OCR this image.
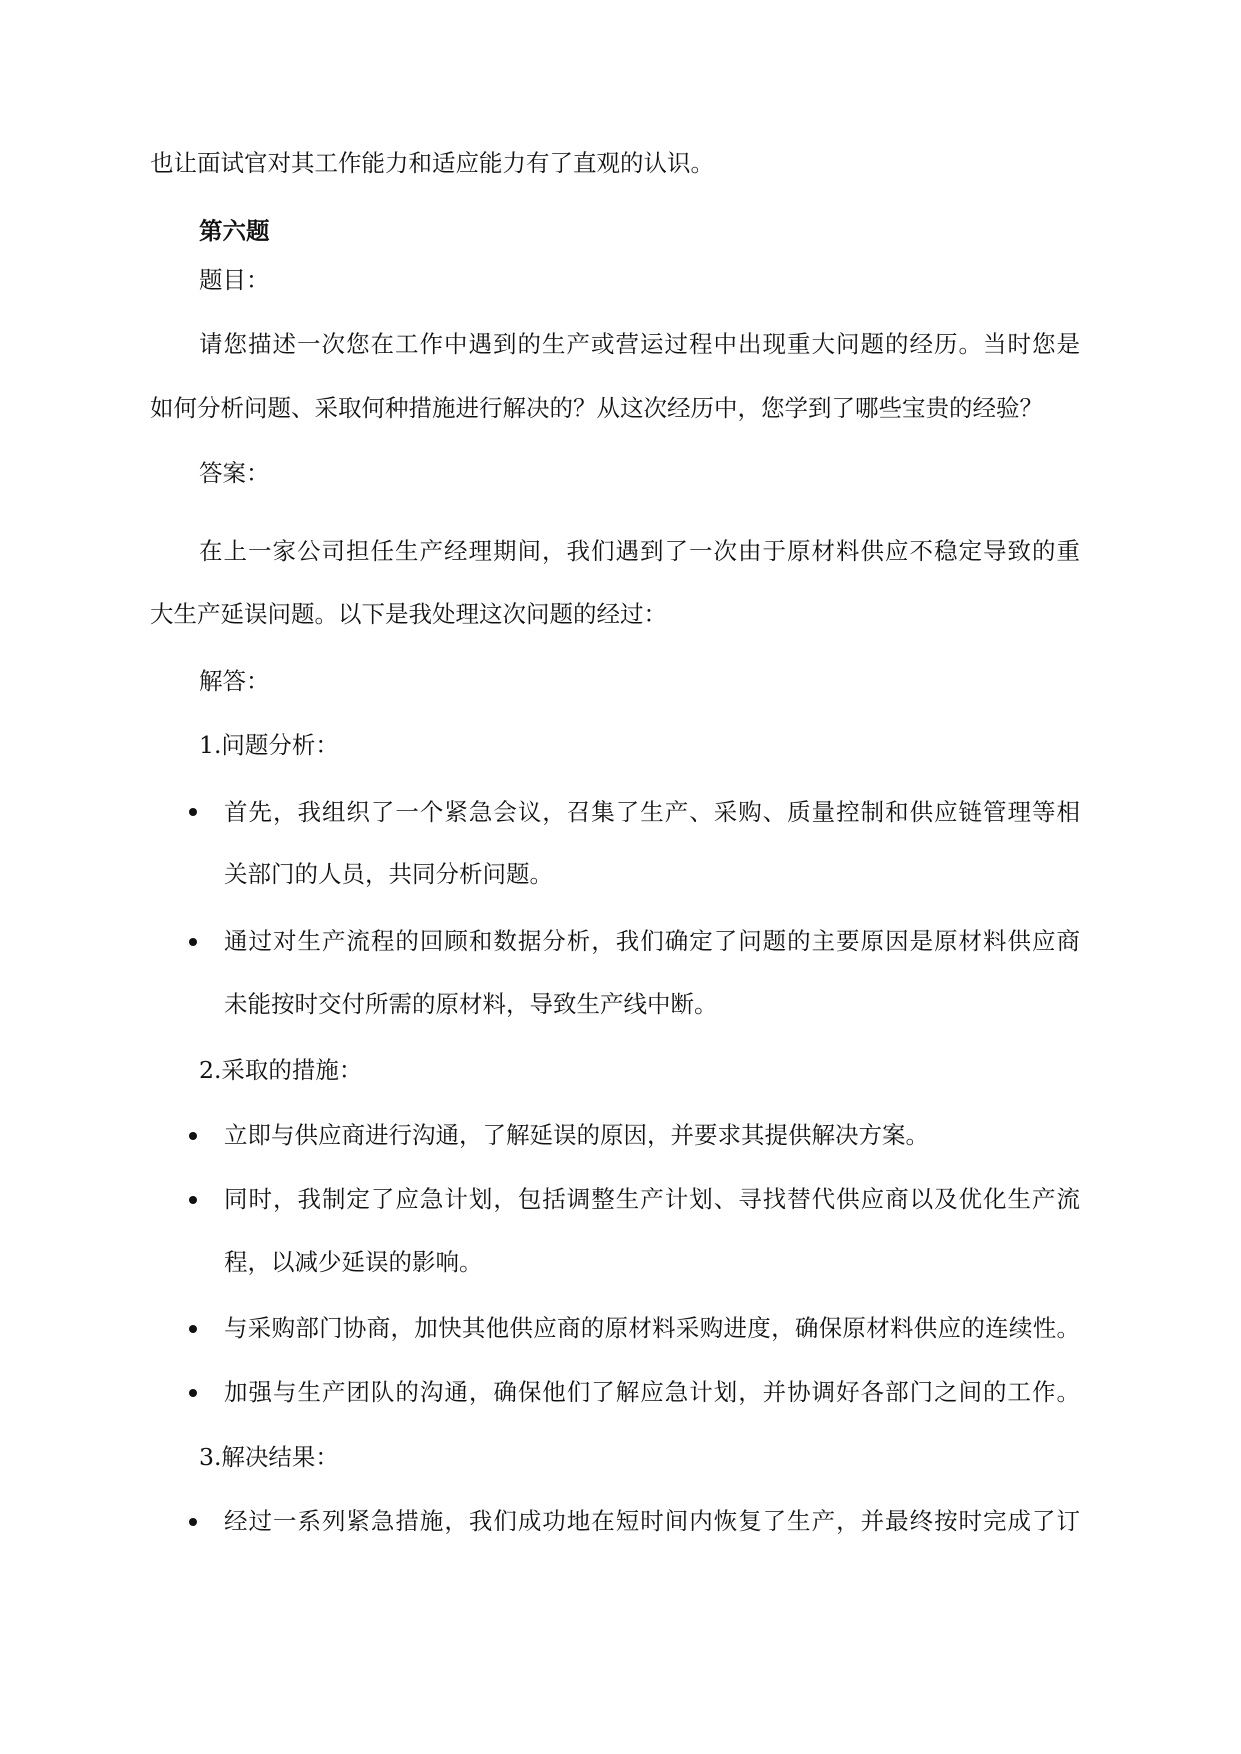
也让面试官对其工作能力和适应能力有了直观的认识。
第六题
题目：
请您描述一次您在工作中遇到的生产或营运过程中出现重大问题的经历。当时您是
如何分析问题、采取何种措施进行解决的？从这次经历中，您学到了哪些宝贵的经验？
答案：
在上一家公司担任生产经理期间，我们遇到了一次由于原材料供应不稳定导致的重
大生产延误问题。以下是我处理这次问题的经过：
解答：
1.问题分析：
首先，我组织了一个紧急会议，召集了生产、采购、质量控制和供应链管理等相
关部门的人员，共同分析问题。
通过对生产流程的回顾和数据分析，我们确定了问题的主要原因是原材料供应商
未能按时交付所需的原材料，导致生产线中断。
2.采取的措施：
立即与供应商进行沟通，了解延误的原因，并要求其提供解决方案。
同时，我制定了应急计划，包括调整生产计划、寻找替代供应商以及优化生产流
程，以减少延误的影响。
与采购部门协商，加快其他供应商的原材料采购进度，确保原材料供应的连续性。
加强与生产团队的沟通，确保他们了解应急计划，并协调好各部门之间的工作。
3.解决结果：
经过一系列紧急措施，我们成功地在短时间内恢复了生产，并最终按时完成了订
